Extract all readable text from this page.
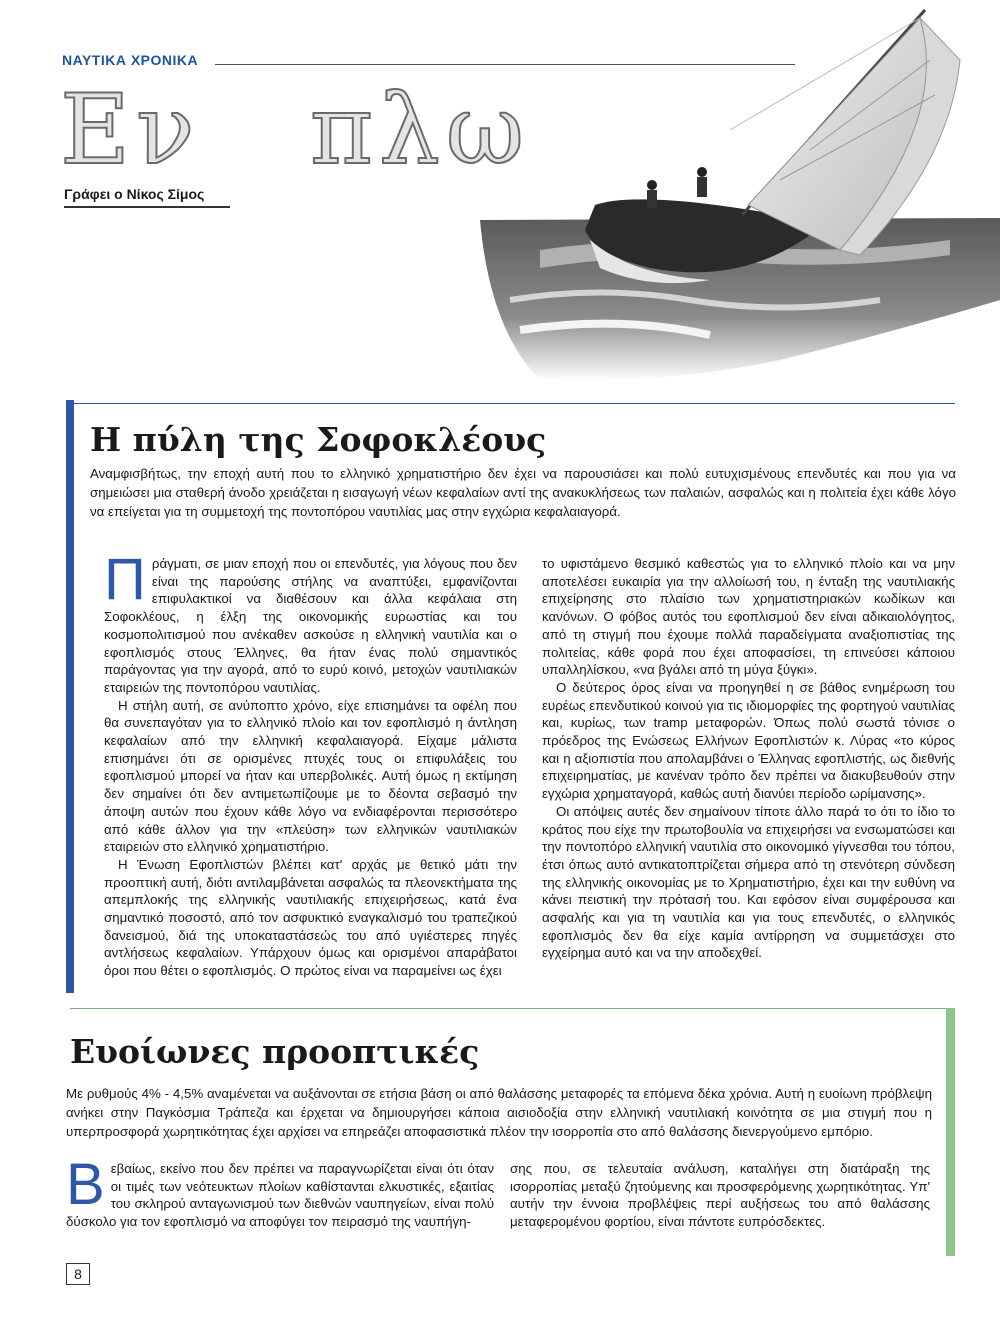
ΝΑΥΤΙΚΑ ΧΡΟΝΙΚΑ
Εν   πλω
Γράφει ο Νίκος Σίμος
Η πύλη της Σοφοκλέους
Αναμφισβήτως, την εποχή αυτή που το ελληνικό χρηματιστήριο δεν έχει να παρουσιάσει και πολύ ευτυχισμένους επενδυτές και που για να σημειώσει μια σταθερή άνοδο χρειάζεται η εισαγωγή νέων κεφαλαίων αντί της ανακυκλήσεως των παλαιών, ασφαλώς και η πολιτεία έχει κάθε λόγο να επείγεται για τη συμμετοχή της ποντοπόρου ναυτιλίας μας στην εγχώρια κεφαλαιαγορά.

Πράγματι, σε μιαν εποχή που οι επενδυτές, για λόγους που δεν είναι της παρούσης στήλης να αναπτύξει, εμφανίζονται επιφυλακτικοί να διαθέσουν και άλλα κεφάλαια στη Σοφοκλέους, η έλξη της οικονομικής ευρωστίας και του κοσμοπολιτισμού που ανέκαθεν ασκούσε η ελληνική ναυτιλία και ο εφοπλισμός στους Έλληνες, θα ήταν ένας πολύ σημαντικός παράγοντας για την αγορά, από το ευρύ κοινό, μετοχών ναυτιλιακών εταιρειών της ποντοπόρου ναυτιλίας.

Η στήλη αυτή, σε ανύποπτο χρόνο, είχε επισημάνει τα οφέλη που θα συνεπαγόταν για το ελληνικό πλοίο και τον εφοπλισμό η άντληση κεφαλαίων από την ελληνική κεφαλαιαγορά. Είχαμε μάλιστα επισημάνει ότι σε ορισμένες πτυχές τους οι επιφυλάξεις του εφοπλισμού μπορεί να ήταν και υπερβολικές. Αυτή όμως η εκτίμηση δεν σημαίνει ότι δεν αντιμετωπίζουμε με το δέοντα σεβασμό την άποψη αυτών που έχουν κάθε λόγο να ενδιαφέρονται περισσότερο από κάθε άλλον για την «πλεύση» των ελληνικών ναυτιλιακών εταιρειών στο ελληνικό χρηματιστήριο.

Η Ένωση Εφοπλιστών βλέπει κατ' αρχάς με θετικό μάτι την προοπτική αυτή, διότι αντιλαμβάνεται ασφαλώς τα πλεονεκτήματα της απεμπλοκής της ελληνικής ναυτιλιακής επιχειρήσεως, κατά ένα σημαντικό ποσοστό, από τον ασφυκτικό εναγκαλισμό του τραπεζικού δανεισμού, διά της υποκαταστάσεώς του από υγιέστερες πηγές αντλήσεως κεφαλαίων. Υπάρχουν όμως και ορισμένοι απαράβατοι όροι που θέτει ο εφοπλισμός. Ο πρώτος είναι να παραμείνει ως έχει

το υφιστάμενο θεσμικό καθεστώς για το ελληνικό πλοίο και να μην αποτελέσει ευκαιρία για την αλλοίωσή του, η ένταξη της ναυτιλιακής επιχείρησης στο πλαίσιο των χρηματιστηριακών κωδίκων και κανόνων. Ο φόβος αυτός του εφοπλισμού δεν είναι αδικαιολόγητος, από τη στιγμή που έχουμε πολλά παραδείγματα αναξιοπιστίας της πολιτείας, κάθε φορά που έχει αποφασίσει, τη επινεύσει κάποιου υπαλληλίσκου, «να βγάλει από τη μύγα ξύγκι».

Ο δεύτερος όρος είναι να προηγηθεί η σε βάθος ενημέρωση του ευρέως επενδυτικού κοινού για τις ιδιομορφίες της φορτηγού ναυτιλίας και, κυρίως, των tramp μεταφορών. Όπως πολύ σωστά τόνισε ο πρόεδρος της Ενώσεως Ελλήνων Εφοπλιστών κ. Λύρας «το κύρος και η αξιοπιστία που απολαμβάνει ο Έλληνας εφοπλιστής, ως διεθνής επιχειρηματίας, με κανέναν τρόπο δεν πρέπει να διακυβευθούν στην εγχώρια χρηματαγορά, καθώς αυτή διανύει περίοδο ωρίμανσης».

Οι απόψεις αυτές δεν σημαίνουν τίποτε άλλο παρά το ότι το ίδιο το κράτος που είχε την πρωτοβουλία να επιχειρήσει να ενσωματώσει και την ποντοπόρο ελληνική ναυτιλία στο οικονομικό γίγνεσθαι του τόπου, έτσι όπως αυτό αντικατοπτρίζεται σήμερα από τη στενότερη σύνδεση της ελληνικής οικονομίας με το Χρηματιστήριο, έχει και την ευθύνη να κάνει πειστική την πρότασή του. Και εφόσον είναι συμφέρουσα και ασφαλής και για τη ναυτιλία και για τους επενδυτές, ο ελληνικός εφοπλισμός δεν θα είχε καμία αντίρρηση να συμμετάσχει στο εγχείρημα αυτό και να την αποδεχθεί.

Ευοίωνες προοπτικές
Με ρυθμούς 4% - 4,5% αναμένεται να αυξάνονται σε ετήσια βάση οι από θαλάσσης μεταφορές τα επόμενα δέκα χρόνια. Αυτή η ευοίωνη πρόβλεψη ανήκει στην Παγκόσμια Τράπεζα και έρχεται να δημιουργήσει κάποια αισιοδοξία στην ελληνική ναυτιλιακή κοινότητα σε μια στιγμή που η υπερπροσφορά χωρητικότητας έχει αρχίσει να επηρεάζει αποφασιστικά πλέον την ισορροπία στο από θαλάσσης διενεργούμενο εμπόριο.

Βεβαίως, εκείνο που δεν πρέπει να παραγνωρίζεται είναι ότι όταν οι τιμές των νεότευκτων πλοίων καθίστανται ελκυστικές, εξαιτίας του σκληρού ανταγωνισμού των διεθνών ναυπηγείων, είναι πολύ δύσκολο για τον εφοπλισμό να αποφύγει τον πειρασμό της ναυπήγη-

σης που, σε τελευταία ανάλυση, καταλήγει στη διατάραξη της ισορροπίας μεταξύ ζητούμενης και προσφερόμενης χωρητικότητας. Υπ' αυτήν την έννοια προβλέψεις περί αυξήσεως του από θαλάσσης μεταφερομένου φορτίου, είναι πάντοτε ευπρόσδεκτες.

8
